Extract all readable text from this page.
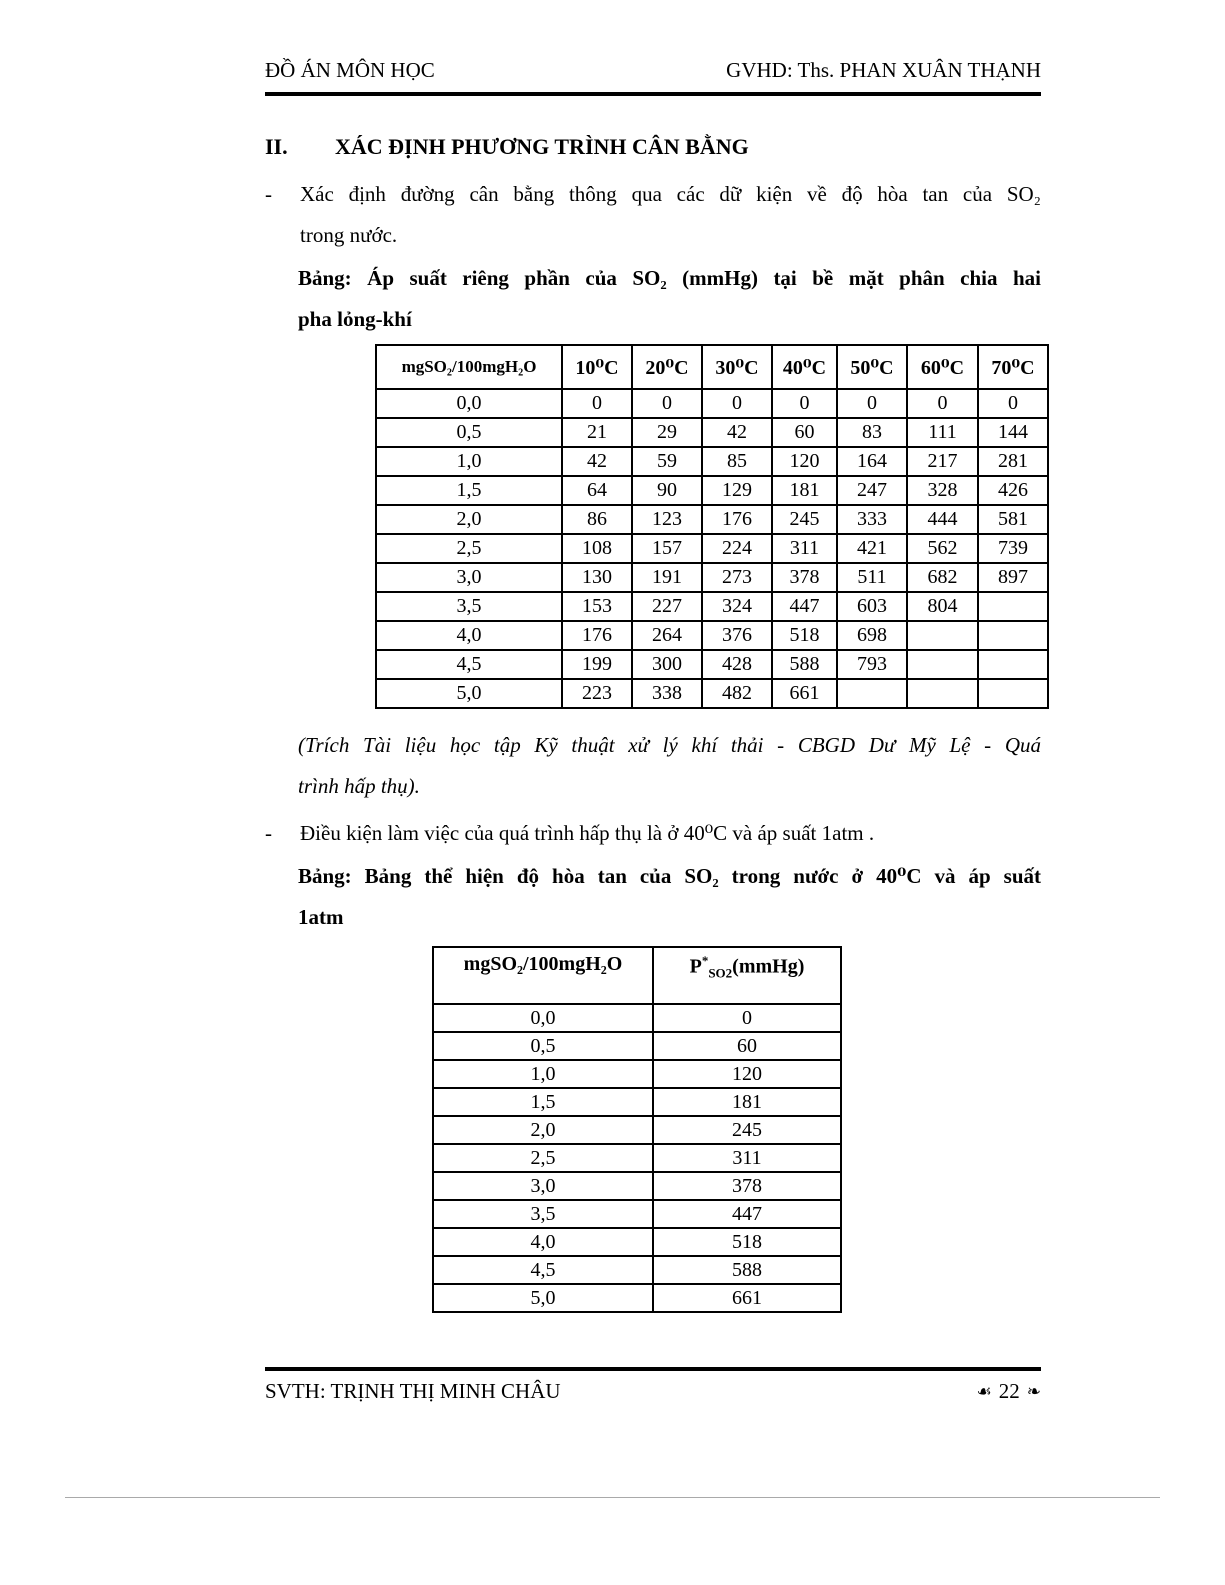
ĐỒ ÁN MÔN HỌC	GVHD: Ths. PHAN XUÂN THẠNH
II.	XÁC ĐỊNH PHƯƠNG TRÌNH CÂN BẰNG
-	Xác định đường cân bằng thông qua các dữ kiện về độ hòa tan của SO₂
trong nước.
Bảng: Áp suất riêng phần của SO₂ (mmHg) tại bề mặt phân chia hai
pha lỏng-khí
mgSO₂/100mgH₂O	10⁰C	20⁰C	30⁰C	40⁰C	50⁰C	60⁰C	70⁰C
0,0	0	0	0	0	0	0	0
0,5	21	29	42	60	83	111	144
1,0	42	59	85	120	164	217	281
1,5	64	90	129	181	247	328	426
2,0	86	123	176	245	333	444	581
2,5	108	157	224	311	421	562	739
3,0	130	191	273	378	511	682	897
3,5	153	227	324	447	603	804	
4,0	176	264	376	518	698		
4,5	199	300	428	588	793		
5,0	223	338	482	661			
(Trích Tài liệu học tập Kỹ thuật xử lý khí thải - CBGD Dư Mỹ Lệ - Quá
trình hấp thụ).
-	Điều kiện làm việc của quá trình hấp thụ là ở 40⁰C và áp suất 1atm .
Bảng: Bảng thể hiện độ hòa tan của SO₂ trong nước ở 40⁰C và áp suất
1atm
mgSO₂/100mgH₂O	$P^*_{SO2}(mmHg)$
0,0	0
0,5	60
1,0	120
1,5	181
2,0	245
2,5	311
3,0	378
3,5	447
4,0	518
4,5	588
5,0	661
SVTH: TRỊNH THỊ MINH CHÂU	☙ 22 ❧
